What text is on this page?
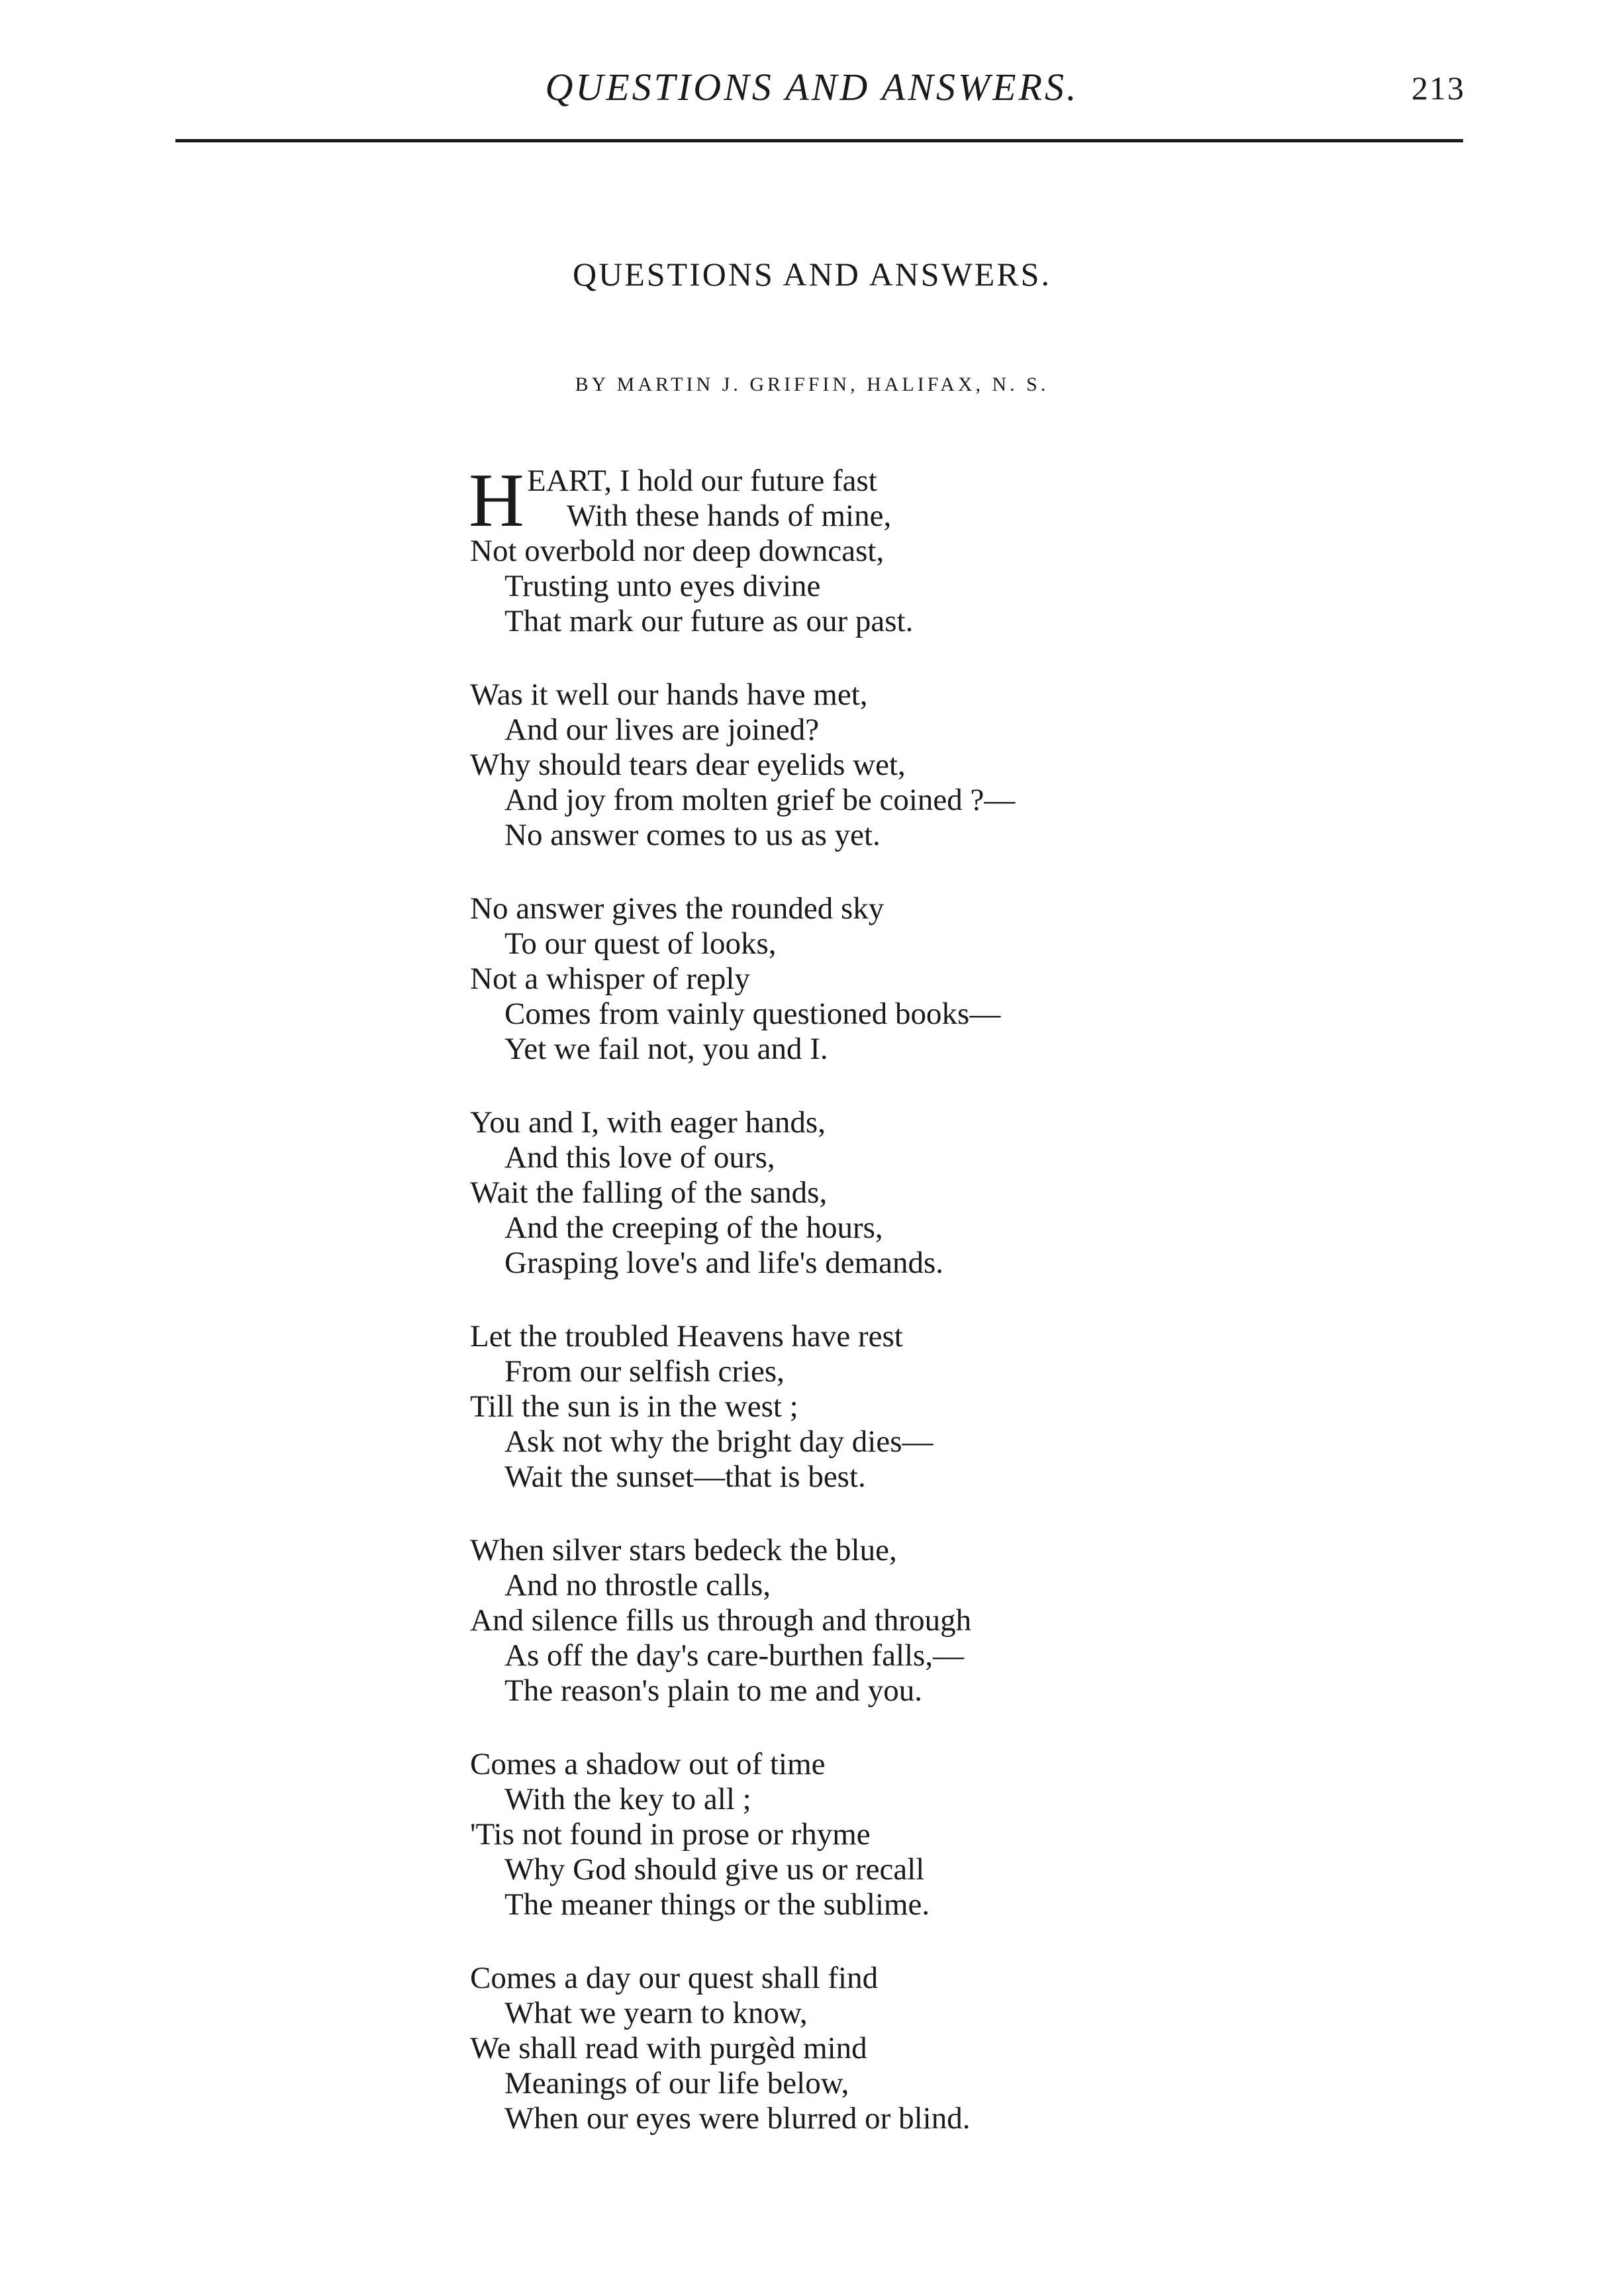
QUESTIONS AND ANSWERS.	213
QUESTIONS AND ANSWERS.
BY MARTIN J. GRIFFIN, HALIFAX, N. S.
H EART, I hold our future fast
With these hands of mine,
Not overbold nor deep downcast,
Trusting unto eyes divine
That mark our future as our past.
Was it well our hands have met,
And our lives are joined?
Why should tears dear eyelids wet,
And joy from molten grief be coined ?—
No answer comes to us as yet.
No answer gives the rounded sky
To our quest of looks,
Not a whisper of reply
Comes from vainly questioned books—
Yet we fail not, you and I.
You and I, with eager hands,
And this love of ours,
Wait the falling of the sands,
And the creeping of the hours,
Grasping love's and life's demands.
Let the troubled Heavens have rest
From our selfish cries,
Till the sun is in the west ;
Ask not why the bright day dies—
Wait the sunset—that is best.
When silver stars bedeck the blue,
And no throstle calls,
And silence fills us through and through
As off the day's care-burthen falls,—
The reason's plain to me and you.
Comes a shadow out of time
With the key to all ;
'Tis not found in prose or rhyme
Why God should give us or recall
The meaner things or the sublime.
Comes a day our quest shall find
What we yearn to know,
We shall read with purgèd mind
Meanings of our life below,
When our eyes were blurred or blind.
